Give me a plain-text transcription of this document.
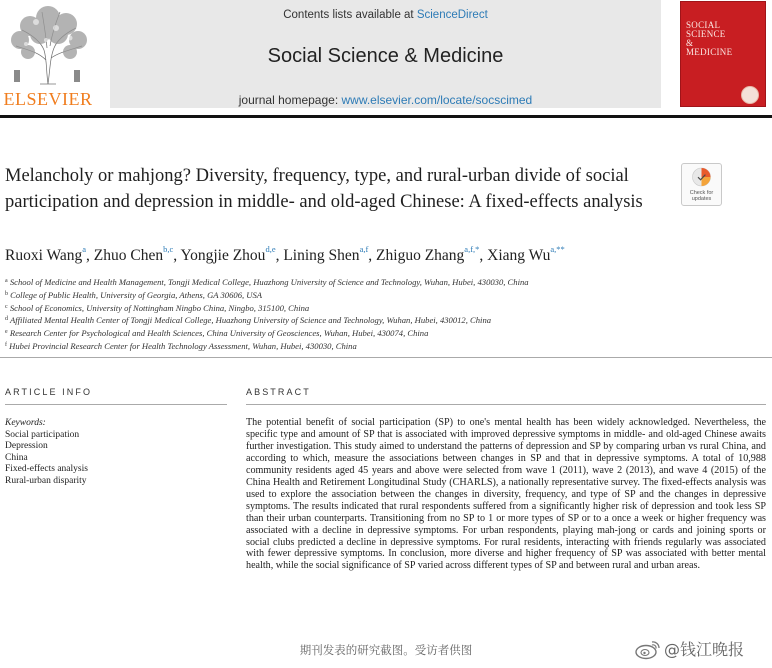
ELSEVIER
Contents lists available at ScienceDirect
Social Science & Medicine
journal homepage: www.elsevier.com/locate/socscimed
SOCIAL
SCIENCE
&
MEDICINE
Melancholy or mahjong? Diversity, frequency, type, and rural-urban divide of social participation and depression in middle- and old-aged Chinese: A fixed-effects analysis	Check for updates
Ruoxi Wang$^a$, Zhuo Chen$^{b,c}$, Yongjie Zhou$^{d,e}$, Lining Shen$^{a,f}$, Zhiguo Zhang$^{a,f,*}$, Xiang $Wu^{a,**}$
$^a$ School of Medicine and Health Management, Tongji Medical College, Huazhong University of Science and Technology, Wuhan, Hubei, 430030, China
$^b$ College of Public Health, University of Georgia, Athens, GA 30606, USA
$^c$ School of Economics, University of Nottingham Ningbo China, Ningbo, 315100, China
$^d$ Affiliated Mental Health Center of Tongji Medical College, Huazhong University of Science and Technology, Wuhan, Hubei, 430012, China
$^e$ Research Center for Psychological and Health Sciences, China University of Geosciences, Wuhan, Hubei, 430074, China
$^f$ Hubei Provincial Research Center for Health Technology Assessment, Wuhan, Hubei, 430030, China
ARTICLE INFO
Keywords:
Social participation
Depression
China
Fixed-effects analysis
Rural-urban disparity
ABSTRACT
The potential benefit of social participation (SP) to one's mental health has been widely acknowledged. Nevertheless, the specific type and amount of SP that is associated with improved depressive symptoms in middle- and old-aged Chinese awaits further investigation. This study aimed to understand the patterns of depression and SP by comparing urban vs rural China, and according to which, measure the associations between changes in SP and that in depressive symptoms. A total of 10,988 community residents aged 45 years and above were selected from wave 1 (2011), wave 2 (2013), and wave 4 (2015) of the China Health and Retirement Longitudinal Study (CHARLS), a nationally representative survey. The fixed-effects analysis was used to explore the association between the changes in diversity, frequency, and type of SP and the changes in depressive symptoms. The results indicated that rural respondents suffered from a significantly higher risk of depression and took less SP than their urban counterparts. Transitioning from no SP to 1 or more types of SP or to a once a week or higher frequency was associated with a decline in depressive symptoms. For urban respondents, playing mah-jong or cards and joining sports or social clubs predicted a decline in depressive symptoms. For rural residents, interacting with friends regularly was associated with fewer depressive symptoms. In conclusion, more diverse and higher frequency of SP was associated with better mental health, while the social significance of SP varied across different types of SP and between rural and urban areas.
期刊发表的研究截图。受访者供图	@钱江晚报
